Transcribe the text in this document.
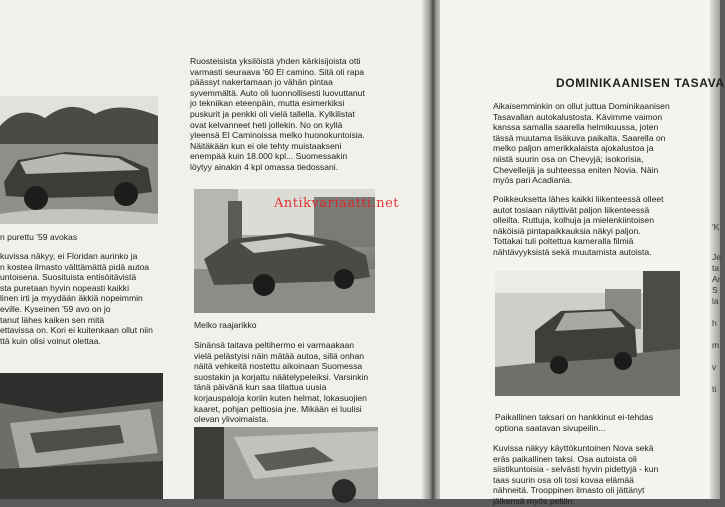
n purettu '59 avokas

kuvissa näkyy, ei Floridan aurinko ja
n kostea ilmasto välttämättä pidä autoa
untoisena. Suosituista entisöitävistä
sta puretaan hyvin nopeasti kaikki
linen irti ja myydään äkkiä nopeimmin
eville. Kyseinen '59 avo on jo
tanut lähes kaiken sen mitä
ettavissa on. Kori ei kuitenkaan ollut niin
ttä kuin olisi voinut olettaa.

Ruosteisista yksilöistä yhden kärkisijoista otti
varmasti seuraava '60 El camino. Sitä oli rapa
päässyt nakertamaan jo vähän pintaa
syvemmältä. Auto oli luonnollisesti luovuttanut
jo tekniikan eteenpäin, mutta esimerkiksi
puskurit ja penkki oli vielä tallella. Kylkilistat
ovat kelvanneet heti jollekin. No on kyllä
yleensä El Caminoissa melko huonokuntoisia.
Näitäkään kun ei ole tehty muistaakseni
enempää kuin 18.000 kpl... Suomessakin
löytyy ainakin 4 kpl omassa tiedossani.

Melko raajarikko

Sinänsä taitava peltihermo ei varmaakaan
vielä pelästyisi näin mätää autoa, sillä onhan
näitä vehkeitä nostettu aikoinaan Suomessa
suostakin ja korjattu näätelypeleiksi. Varsinkin
tänä päivänä kun saa tilattua uusia
korjauspaloja koriin kuten helmat, lokasuojien
kaaret, pohjan peltiosia jne. Mikään ei luulisi
olevan ylivoimaista.

Antikvariaatti.net

Aikaisemminkin on ollut juttua Dominikaanisen
Tasavallan autokalustosta. Kävimme vaimon
kanssa samalla saarella helmikuussa, joten
tässä muutama lisäkuva paikalta. Saarella on
melko paljon amerikkalaista ajokalustoa ja
niistä suurin osa on Chevyjä; isokorisia,
Chevelleijä ja suhteessa eniten Novia. Näin
myös pari Acadiania.

Poikkeuksetta lähes kaikki liikenteessä olleet
autot tosiaan näyttivät paljon liikenteessä
olleilta. Ruttuja, kolhuja ja mielenkiintoisen
näköisiä pintapaikkauksia näkyi paljon.
Tottakai tuli poltettua kameralla filmiä
nähtävyyksistä sekä muutamista autoista.

Paikallinen taksari on hankkinut ei-tehdas
optiona saatavan sivupeilin...

Kuvissa näkyy käyttökuntoinen Nova sekä
eräs paikallinen taksi. Osa autoista oli
siistikuntoisia - selvästi hyvin pidettyjä - kun
taas suurin osa oli tosi kovaa elämää
nähneitä. Trooppinen ilmasto oli jättänyt
jälkensä myös peltiin.

'K

Je

ta

Ar

S

la

h

m

v

ti

DOMINIKAANISEN TASAVA
